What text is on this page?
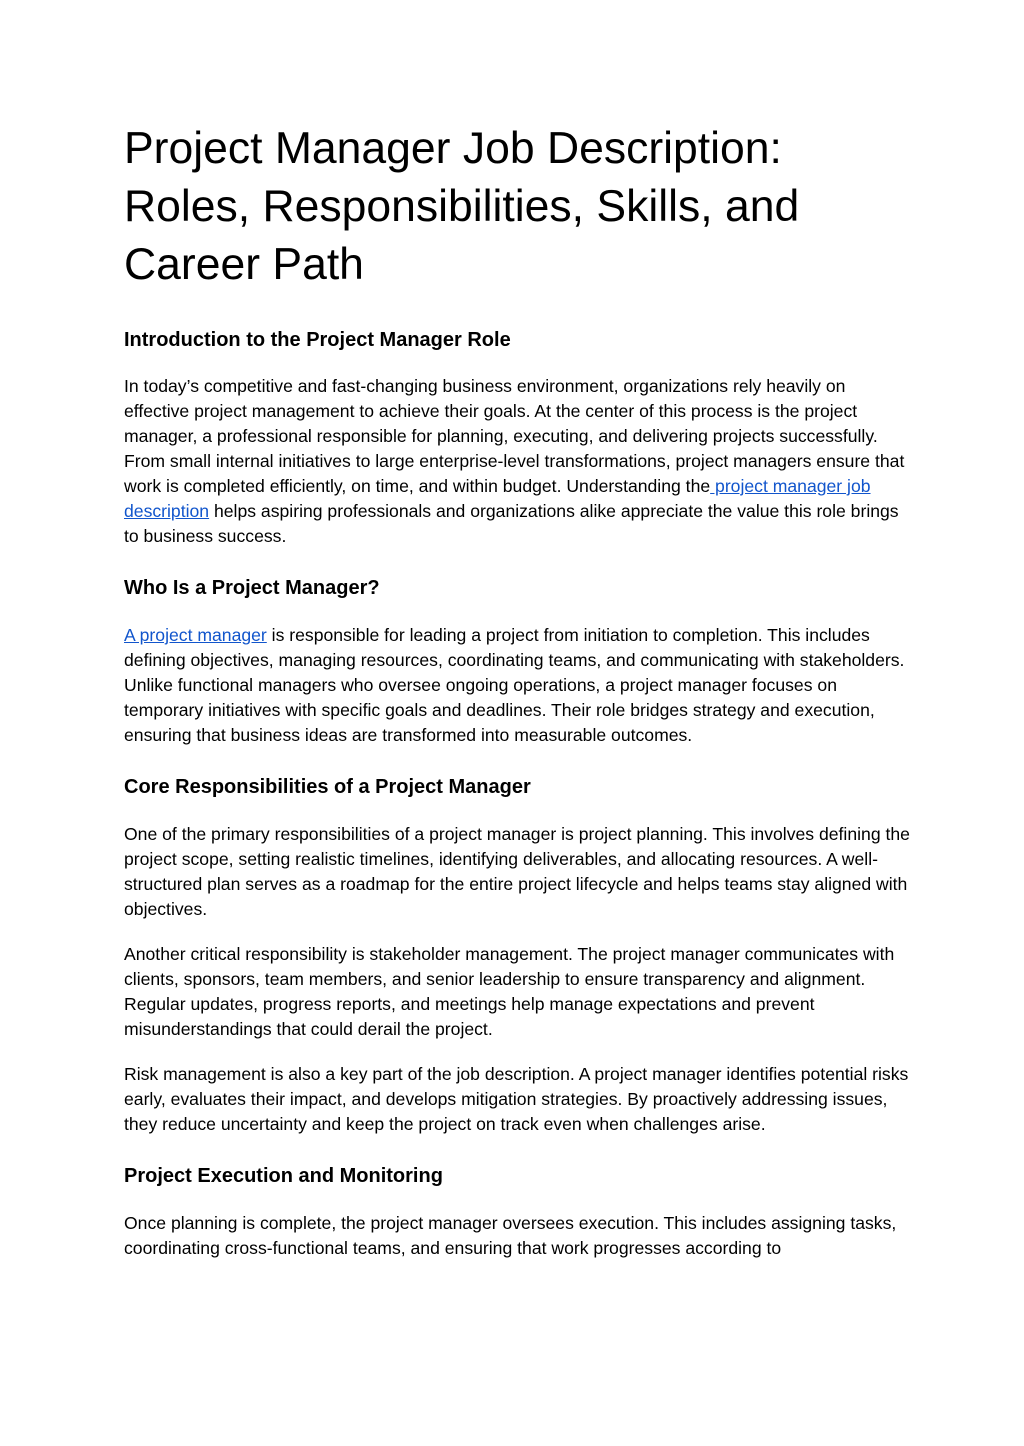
Project Manager Job Description: Roles, Responsibilities, Skills, and Career Path
Introduction to the Project Manager Role

In today’s competitive and fast-changing business environment, organizations rely heavily on effective project management to achieve their goals. At the center of this process is the project manager, a professional responsible for planning, executing, and delivering projects successfully. From small internal initiatives to large enterprise-level transformations, project managers ensure that work is completed efficiently, on time, and within budget. Understanding the project manager job description helps aspiring professionals and organizations alike appreciate the value this role brings to business success.

Who Is a Project Manager?

A project manager is responsible for leading a project from initiation to completion. This includes defining objectives, managing resources, coordinating teams, and communicating with stakeholders. Unlike functional managers who oversee ongoing operations, a project manager focuses on temporary initiatives with specific goals and deadlines. Their role bridges strategy and execution, ensuring that business ideas are transformed into measurable outcomes.

Core Responsibilities of a Project Manager

One of the primary responsibilities of a project manager is project planning. This involves defining the project scope, setting realistic timelines, identifying deliverables, and allocating resources. A well-structured plan serves as a roadmap for the entire project lifecycle and helps teams stay aligned with objectives.

Another critical responsibility is stakeholder management. The project manager communicates with clients, sponsors, team members, and senior leadership to ensure transparency and alignment. Regular updates, progress reports, and meetings help manage expectations and prevent misunderstandings that could derail the project.

Risk management is also a key part of the job description. A project manager identifies potential risks early, evaluates their impact, and develops mitigation strategies. By proactively addressing issues, they reduce uncertainty and keep the project on track even when challenges arise.

Project Execution and Monitoring

Once planning is complete, the project manager oversees execution. This includes assigning tasks, coordinating cross-functional teams, and ensuring that work progresses according to
